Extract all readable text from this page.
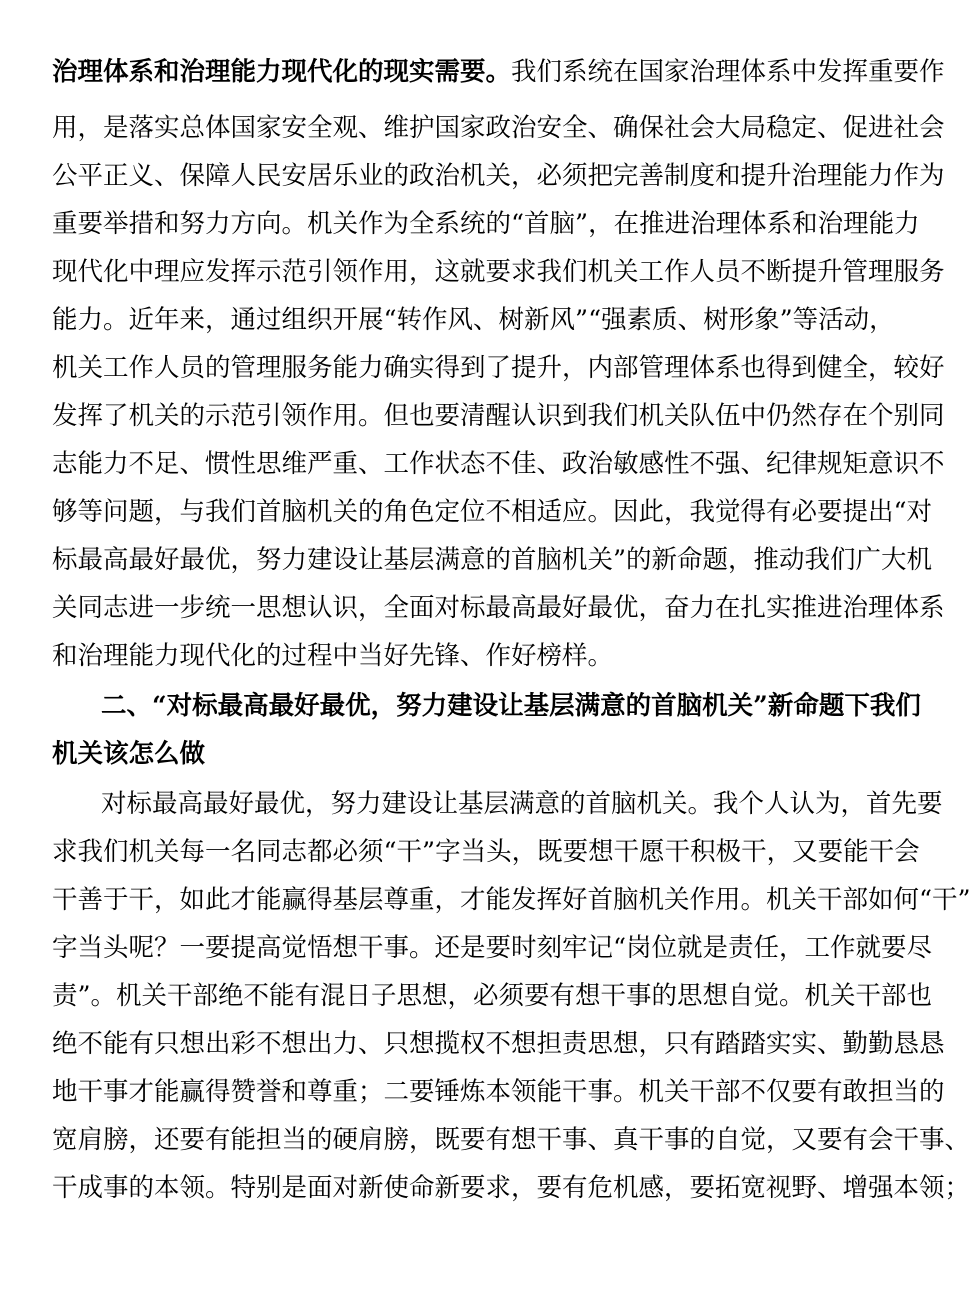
治理体系和治理能力现代化的现实需要。我们系统在国家治理体系中发挥重要作
用，是落实总体国家安全观、维护国家政治安全、确保社会大局稳定、促进社会
公平正义、保障人民安居乐业的政治机关，必须把完善制度和提升治理能力作为
重要举措和努力方向。机关作为全系统的“首脑”，在推进治理体系和治理能力
现代化中理应发挥示范引领作用，这就要求我们机关工作人员不断提升管理服务
能力。近年来，通过组织开展“转作风、树新风”“强素质、树形象”等活动，
机关工作人员的管理服务能力确实得到了提升，内部管理体系也得到健全，较好
发挥了机关的示范引领作用。但也要清醒认识到我们机关队伍中仍然存在个别同
志能力不足、惯性思维严重、工作状态不佳、政治敏感性不强、纪律规矩意识不
够等问题，与我们首脑机关的角色定位不相适应。因此，我觉得有必要提出“对
标最高最好最优，努力建设让基层满意的首脑机关”的新命题，推动我们广大机
关同志进一步统一思想认识，全面对标最高最好最优，奋力在扎实推进治理体系
和治理能力现代化的过程中当好先锋、作好榜样。
二、“对标最高最好最优，努力建设让基层满意的首脑机关”新命题下我们
机关该怎么做
对标最高最好最优，努力建设让基层满意的首脑机关。我个人认为，首先要
求我们机关每一名同志都必须“干”字当头，既要想干愿干积极干，又要能干会
干善于干，如此才能赢得基层尊重，才能发挥好首脑机关作用。机关干部如何“干”
字当头呢？一要提高觉悟想干事。还是要时刻牢记“岗位就是责任，工作就要尽
责”。机关干部绝不能有混日子思想，必须要有想干事的思想自觉。机关干部也
绝不能有只想出彩不想出力、只想揽权不想担责思想，只有踏踏实实、勤勤恳恳
地干事才能赢得赞誉和尊重；二要锤炼本领能干事。机关干部不仅要有敢担当的
宽肩膀，还要有能担当的硬肩膀，既要有想干事、真干事的自觉，又要有会干事、
干成事的本领。特别是面对新使命新要求，要有危机感，要拓宽视野、增强本领；
